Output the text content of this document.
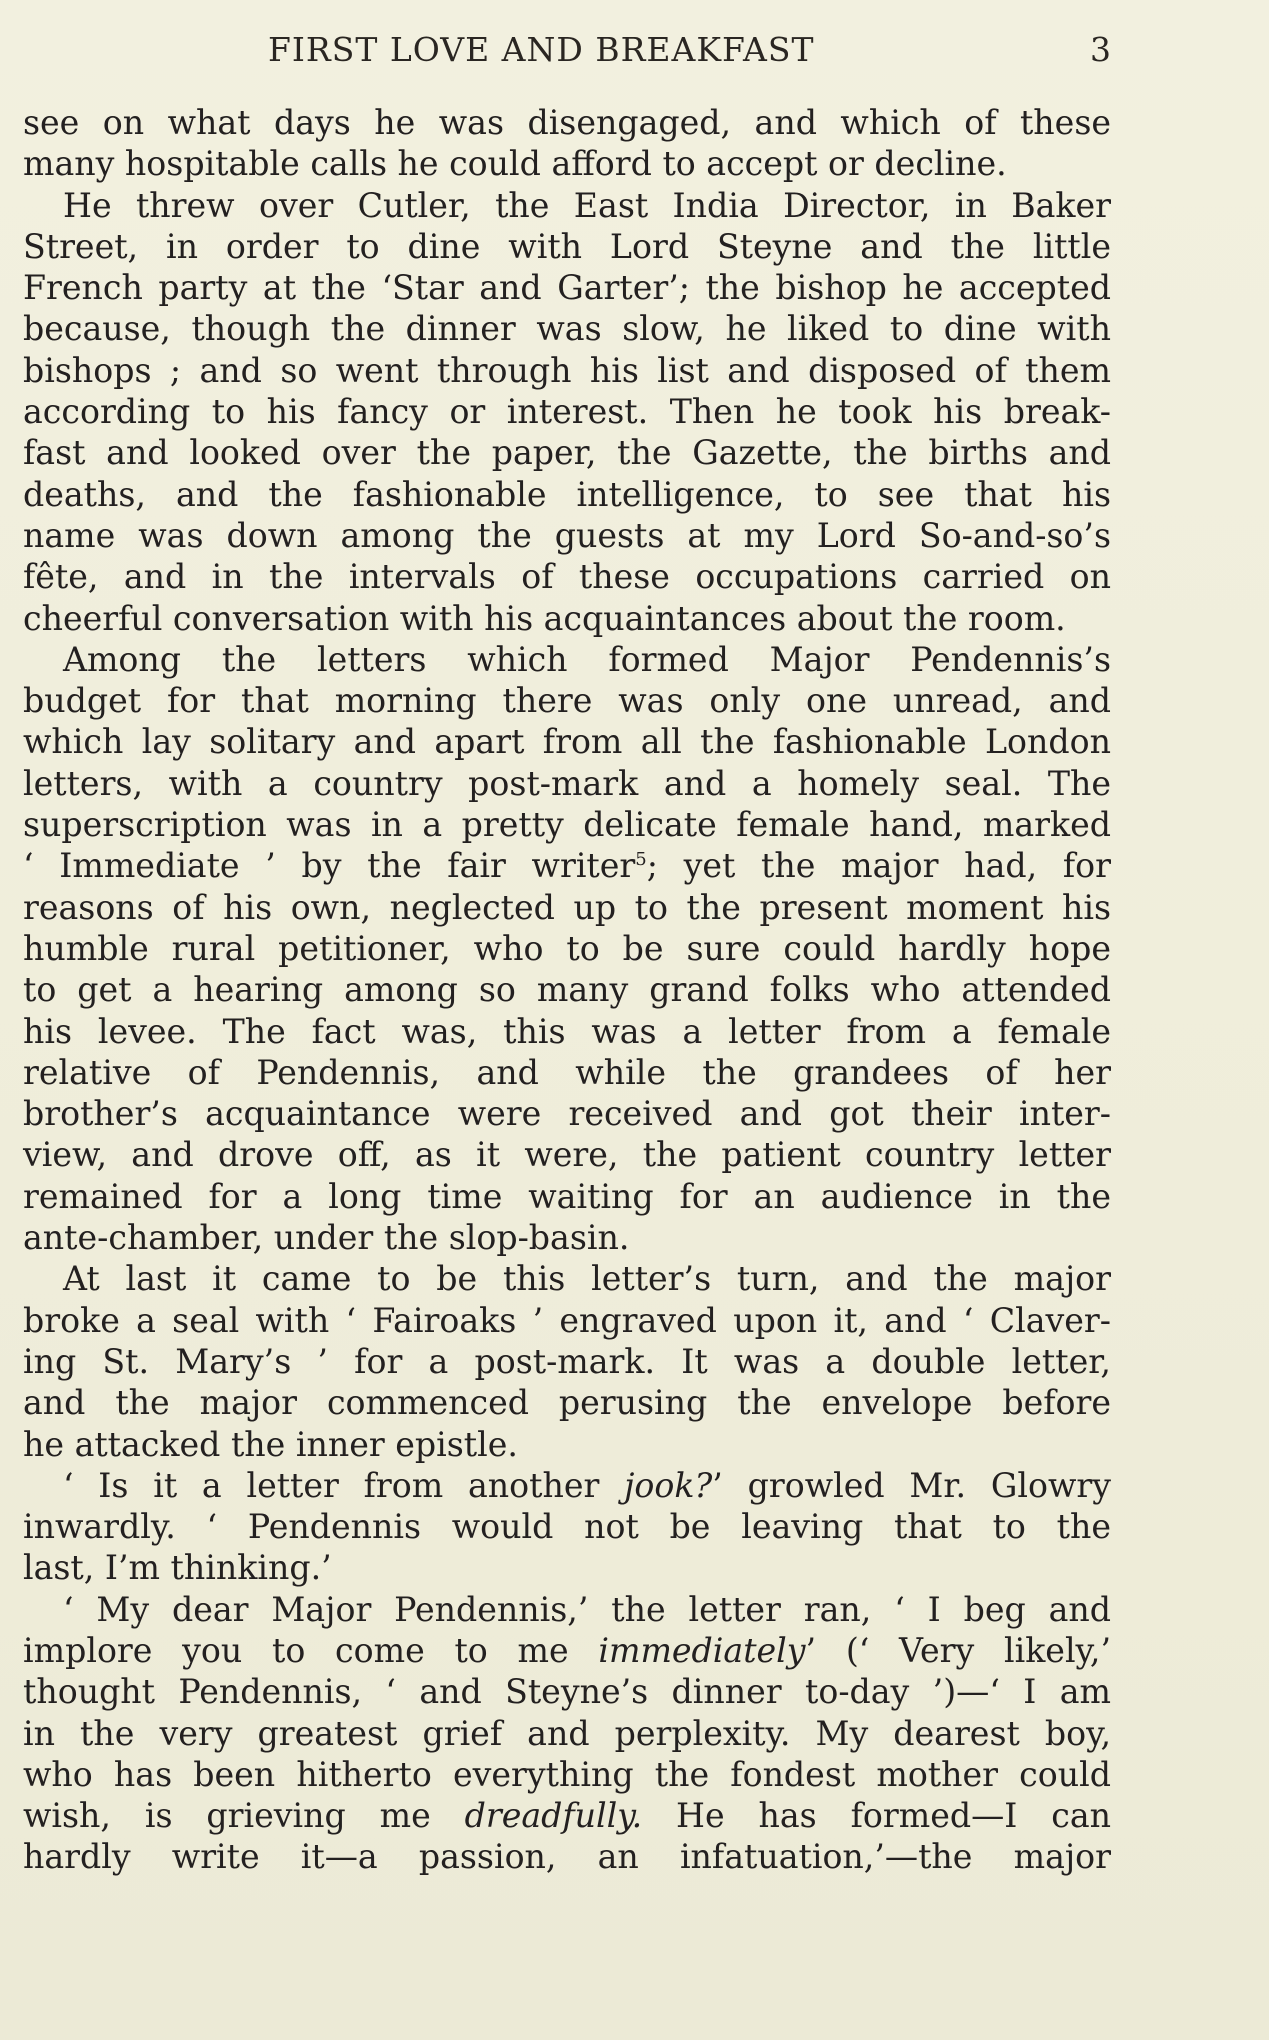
FIRST LOVE AND BREAKFAST	3
see on what days he was disengaged, and which of these
many hospitable calls he could afford to accept or decline.
He threw over Cutler, the East India Director, in Baker
Street, in order to dine with Lord Steyne and the little
French party at the ‘Star and Garter’; the bishop he accepted
because, though the dinner was slow, he liked to dine with
bishops ; and so went through his list and disposed of them
according to his fancy or interest. Then he took his break-
fast and looked over the paper, the Gazette, the births and
deaths, and the fashionable intelligence, to see that his
name was down among the guests at my Lord So-and-so’s
fête, and in the intervals of these occupations carried on
cheerful conversation with his acquaintances about the room.
Among the letters which formed Major Pendennis’s
budget for that morning there was only one unread, and
which lay solitary and apart from all the fashionable London
letters, with a country post-mark and a homely seal. The
superscription was in a pretty delicate female hand, marked
‘ Immediate ’ by the fair writer$^5$; yet the major had, for
reasons of his own, neglected up to the present moment his
humble rural petitioner, who to be sure could hardly hope
to get a hearing among so many grand folks who attended
his levee. The fact was, this was a letter from a female
relative of Pendennis, and while the grandees of her
brother’s acquaintance were received and got their inter-
view, and drove off, as it were, the patient country letter
remained for a long time waiting for an audience in the
ante-chamber, under the slop-basin.
At last it came to be this letter’s turn, and the major
broke a seal with ‘ Fairoaks ’ engraved upon it, and ‘ Claver-
ing St. Mary’s ’ for a post-mark. It was a double letter,
and the major commenced perusing the envelope before
he attacked the inner epistle.
‘ Is it a letter from another jook?’ growled Mr. Glowry
inwardly. ‘ Pendennis would not be leaving that to the
last, I’m thinking.’
‘ My dear Major Pendennis,’ the letter ran, ‘ I beg and
implore you to come to me immediately’ (‘ Very likely,’
thought Pendennis, ‘ and Steyne’s dinner to-day ’)—‘ I am
in the very greatest grief and perplexity. My dearest boy,
who has been hitherto everything the fondest mother could
wish, is grieving me dreadfully. He has formed—I can
hardly write it—a passion, an infatuation,’—the major
